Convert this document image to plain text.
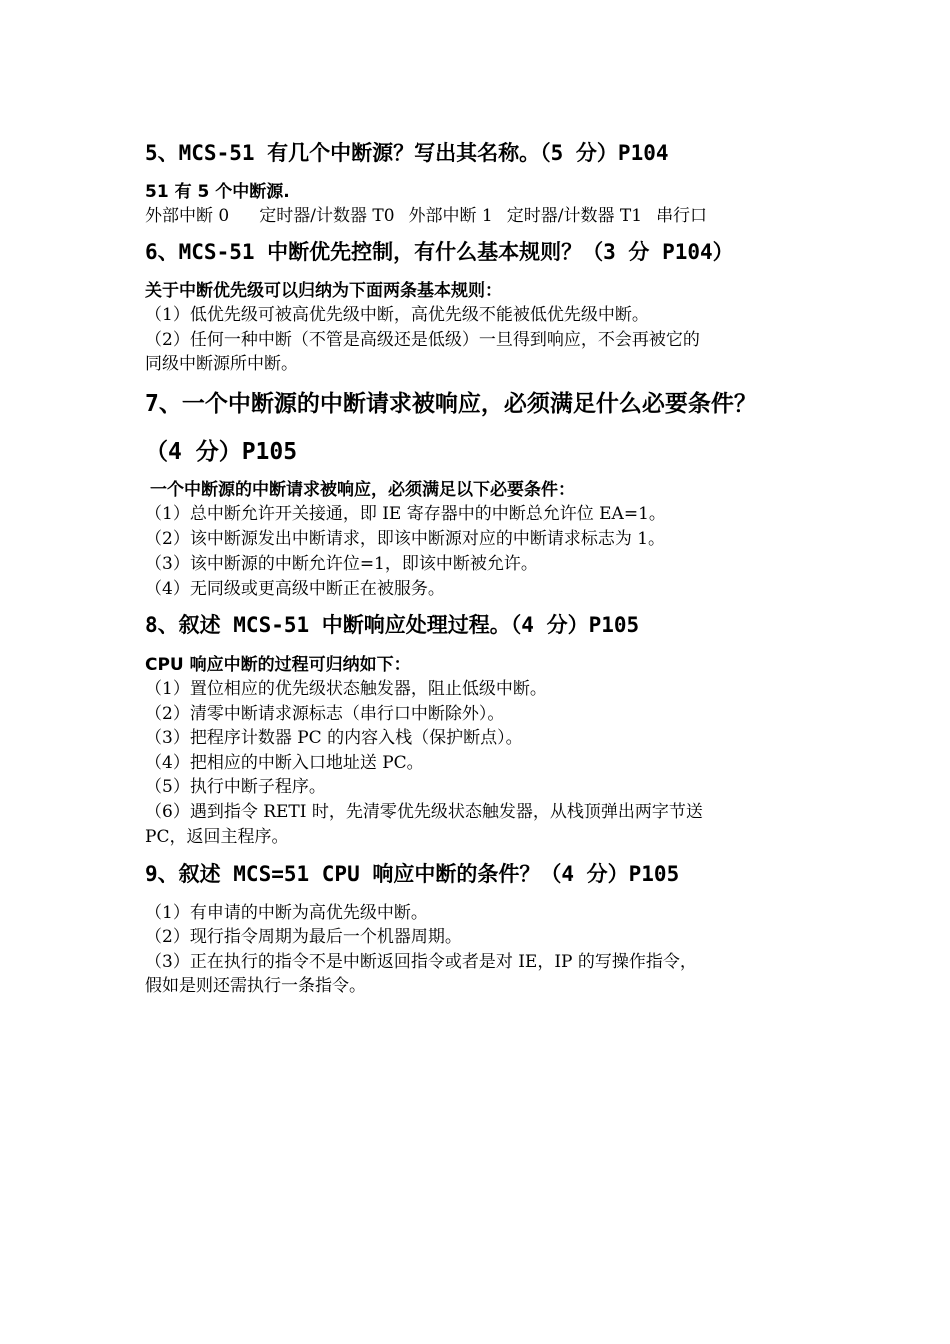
5、MCS-51 有几个中断源？写出其名称。（5 分）P104
51 有 5 个中断源.
外部中断 0 定时器/计数器 T0 外部中断 1 定时器/计数器 T1 串行口
6、MCS-51 中断优先控制，有什么基本规则？（3 分 P104）
关于中断优先级可以归纳为下面两条基本规则：
（1）低优先级可被高优先级中断，高优先级不能被低优先级中断。
（2）任何一种中断（不管是高级还是低级）一旦得到响应，不会再被它的
同级中断源所中断。
7、一个中断源的中断请求被响应，必须满足什么必要条件？
（4 分）P105
一个中断源的中断请求被响应，必须满足以下必要条件：
（1）总中断允许开关接通，即 IE 寄存器中的中断总允许位 EA=1。
（2）该中断源发出中断请求，即该中断源对应的中断请求标志为 1。
（3）该中断源的中断允许位=1，即该中断被允许。
（4）无同级或更高级中断正在被服务。
8、叙述 MCS-51 中断响应处理过程。（4 分）P105
CPU 响应中断的过程可归纳如下：
（1）置位相应的优先级状态触发器，阻止低级中断。
（2）清零中断请求源标志（串行口中断除外）。
（3）把程序计数器 PC 的内容入栈（保护断点）。
（4）把相应的中断入口地址送 PC。
（5）执行中断子程序。
（6）遇到指令 RETI 时，先清零优先级状态触发器，从栈顶弹出两字节送
PC，返回主程序。
9、叙述 MCS=51 CPU 响应中断的条件？（4 分）P105
（1）有申请的中断为高优先级中断。
（2）现行指令周期为最后一个机器周期。
（3）正在执行的指令不是中断返回指令或者是对 IE，IP 的写操作指令，
假如是则还需执行一条指令。
